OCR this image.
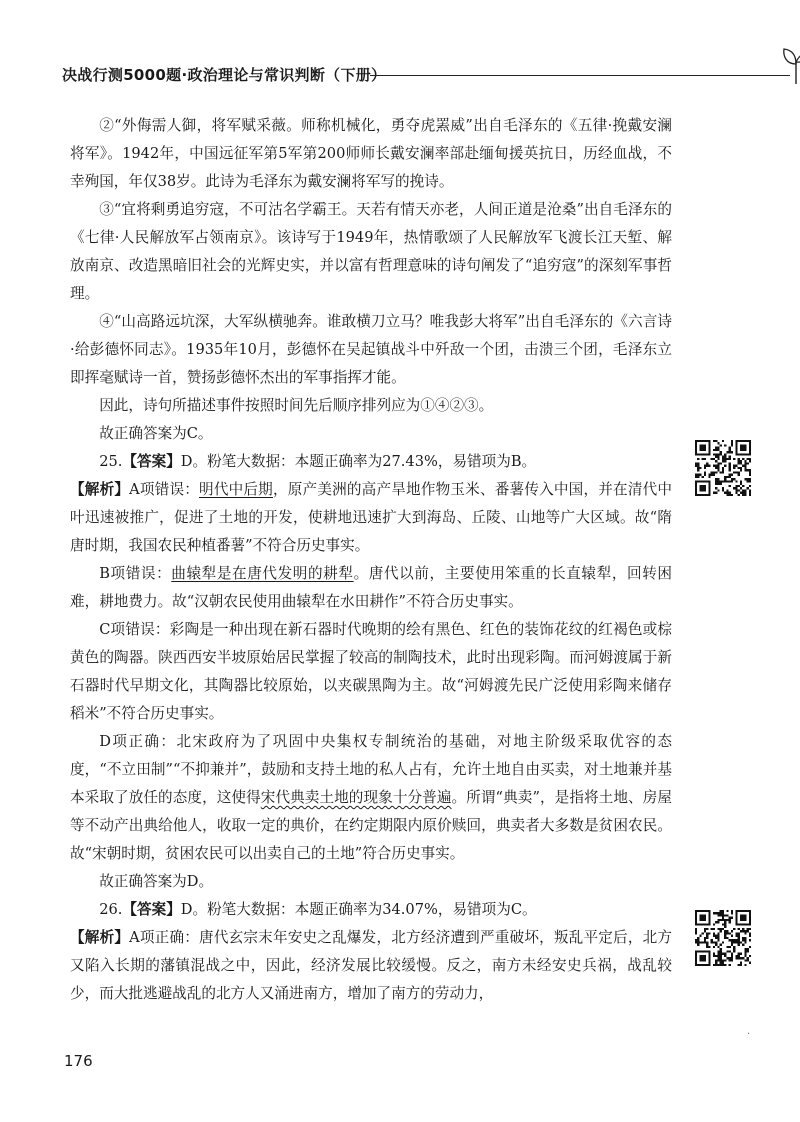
决战行测5000题·政治理论与常识判断（下册）

②“外侮需人御，将军赋采薇。师称机械化，勇夺虎罴威”出自毛泽东的《五律·挽戴安澜将军》。1942年，中国远征军第5军第200师师长戴安澜率部赴缅甸援英抗日，历经血战，不幸殉国，年仅38岁。此诗为毛泽东为戴安澜将军写的挽诗。

③“宜将剩勇追穷寇，不可沽名学霸王。天若有情天亦老，人间正道是沧桑”出自毛泽东的《七律·人民解放军占领南京》。该诗写于1949年，热情歌颂了人民解放军飞渡长江天堑、解放南京、改造黑暗旧社会的光辉史实，并以富有哲理意味的诗句阐发了“追穷寇”的深刻军事哲理。

④“山高路远坑深，大军纵横驰奔。谁敢横刀立马？唯我彭大将军”出自毛泽东的《六言诗·给彭德怀同志》。1935年10月，彭德怀在吴起镇战斗中歼敌一个团，击溃三个团，毛泽东立即挥毫赋诗一首，赞扬彭德怀杰出的军事指挥才能。

因此，诗句所描述事件按照时间先后顺序排列应为①④②③。

故正确答案为C。

25.【答案】D。粉笔大数据：本题正确率为27.43%，易错项为B。

【解析】A项错误：明代中后期，原产美洲的高产旱地作物玉米、番薯传入中国，并在清代中叶迅速被推广，促进了土地的开发，使耕地迅速扩大到海岛、丘陵、山地等广大区域。故“隋唐时期，我国农民种植番薯”不符合历史事实。

B项错误：曲辕犁是在唐代发明的耕犁。唐代以前，主要使用笨重的长直辕犁，回转困难，耕地费力。故“汉朝农民使用曲辕犁在水田耕作”不符合历史事实。

C项错误：彩陶是一种出现在新石器时代晚期的绘有黑色、红色的装饰花纹的红褐色或棕黄色的陶器。陕西西安半坡原始居民掌握了较高的制陶技术，此时出现彩陶。而河姆渡属于新石器时代早期文化，其陶器比较原始，以夹碳黑陶为主。故“河姆渡先民广泛使用彩陶来储存稻米”不符合历史事实。

D项正确：北宋政府为了巩固中央集权专制统治的基础，对地主阶级采取优容的态度，“不立田制”“不抑兼并”，鼓励和支持土地的私人占有，允许土地自由买卖，对土地兼并基本采取了放任的态度，这使得宋代典卖土地的现象十分普遍。所谓“典卖”，是指将土地、房屋等不动产出典给他人，收取一定的典价，在约定期限内原价赎回，典卖者大多数是贫困农民。故“宋朝时期，贫困农民可以出卖自己的土地”符合历史事实。

故正确答案为D。

26.【答案】D。粉笔大数据：本题正确率为34.07%，易错项为C。

【解析】A项正确：唐代玄宗末年安史之乱爆发，北方经济遭到严重破坏，叛乱平定后，北方又陷入长期的藩镇混战之中，因此，经济发展比较缓慢。反之，南方未经安史兵祸，战乱较少，而大批逃避战乱的北方人又涌进南方，增加了南方的劳动力，

176
·
